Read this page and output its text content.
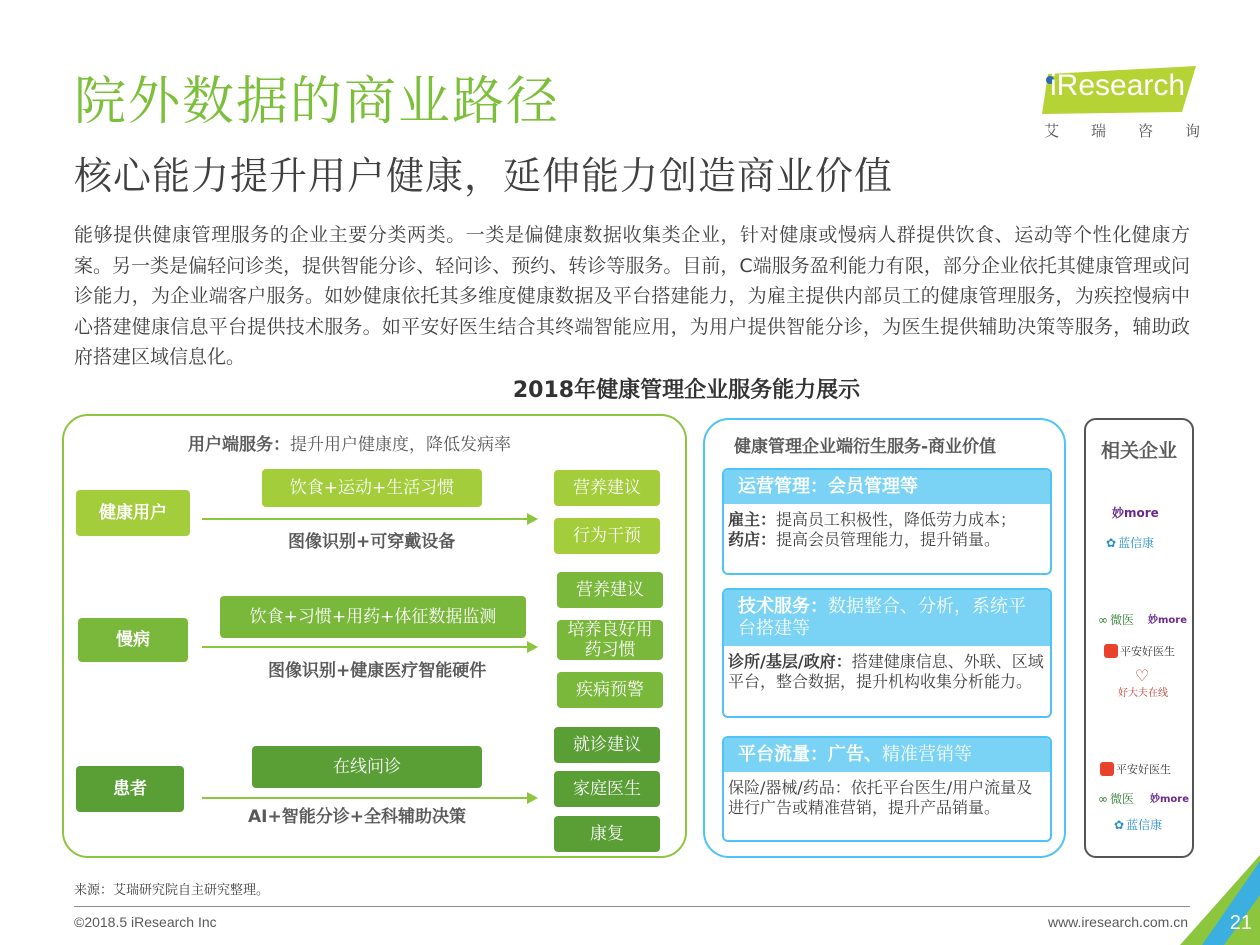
院外数据的商业路径
核心能力提升用户健康，延伸能力创造商业价值
iResearch
艾 瑞 咨 询
能够提供健康管理服务的企业主要分类两类。一类是偏健康数据收集类企业，针对健康或慢病人群提供饮食、运动等个性化健康方案。另一类是偏轻问诊类，提供智能分诊、轻问诊、预约、转诊等服务。目前，C端服务盈利能力有限，部分企业依托其健康管理或问诊能力，为企业端客户服务。如妙健康依托其多维度健康数据及平台搭建能力，为雇主提供内部员工的健康管理服务，为疾控慢病中心搭建健康信息平台提供技术服务。如平安好医生结合其终端智能应用，为用户提供智能分诊，为医生提供辅助决策等服务，辅助政府搭建区域信息化。
2018年健康管理企业服务能力展示
用户端服务：提升用户健康度，降低发病率
健康用户
饮食+运动+生活习惯
图像识别+可穿戴设备
营养建议
行为干预
慢病
饮食+习惯+用药+体征数据监测
图像识别+健康医疗智能硬件
营养建议
培养良好用药习惯
疾病预警
患者
在线问诊
AI+智能分诊+全科辅助决策
就诊建议
家庭医生
康复
健康管理企业端衍生服务-商业价值
运营管理：会员管理等
雇主：提高员工积极性，降低劳力成本；
药店：提高会员管理能力，提升销量。
技术服务：数据整合、分析，系统平台搭建等
诊所/基层/政府：搭建健康信息、外联、区域平台，整合数据，提升机构收集分析能力。
平台流量：广告、精准营销等
保险/器械/药品：依托平台医生/用户流量及进行广告或精准营销，提升产品销量。
相关企业
妙more
✿ 蓝信康
∞ 微医 妙more
平安好医生
♡
好大夫在线
平安好医生
∞ 微医 妙more
✿ 蓝信康
来源：艾瑞研究院自主研究整理。
©2018.5 iResearch Inc	www.iresearch.com.cn 21
